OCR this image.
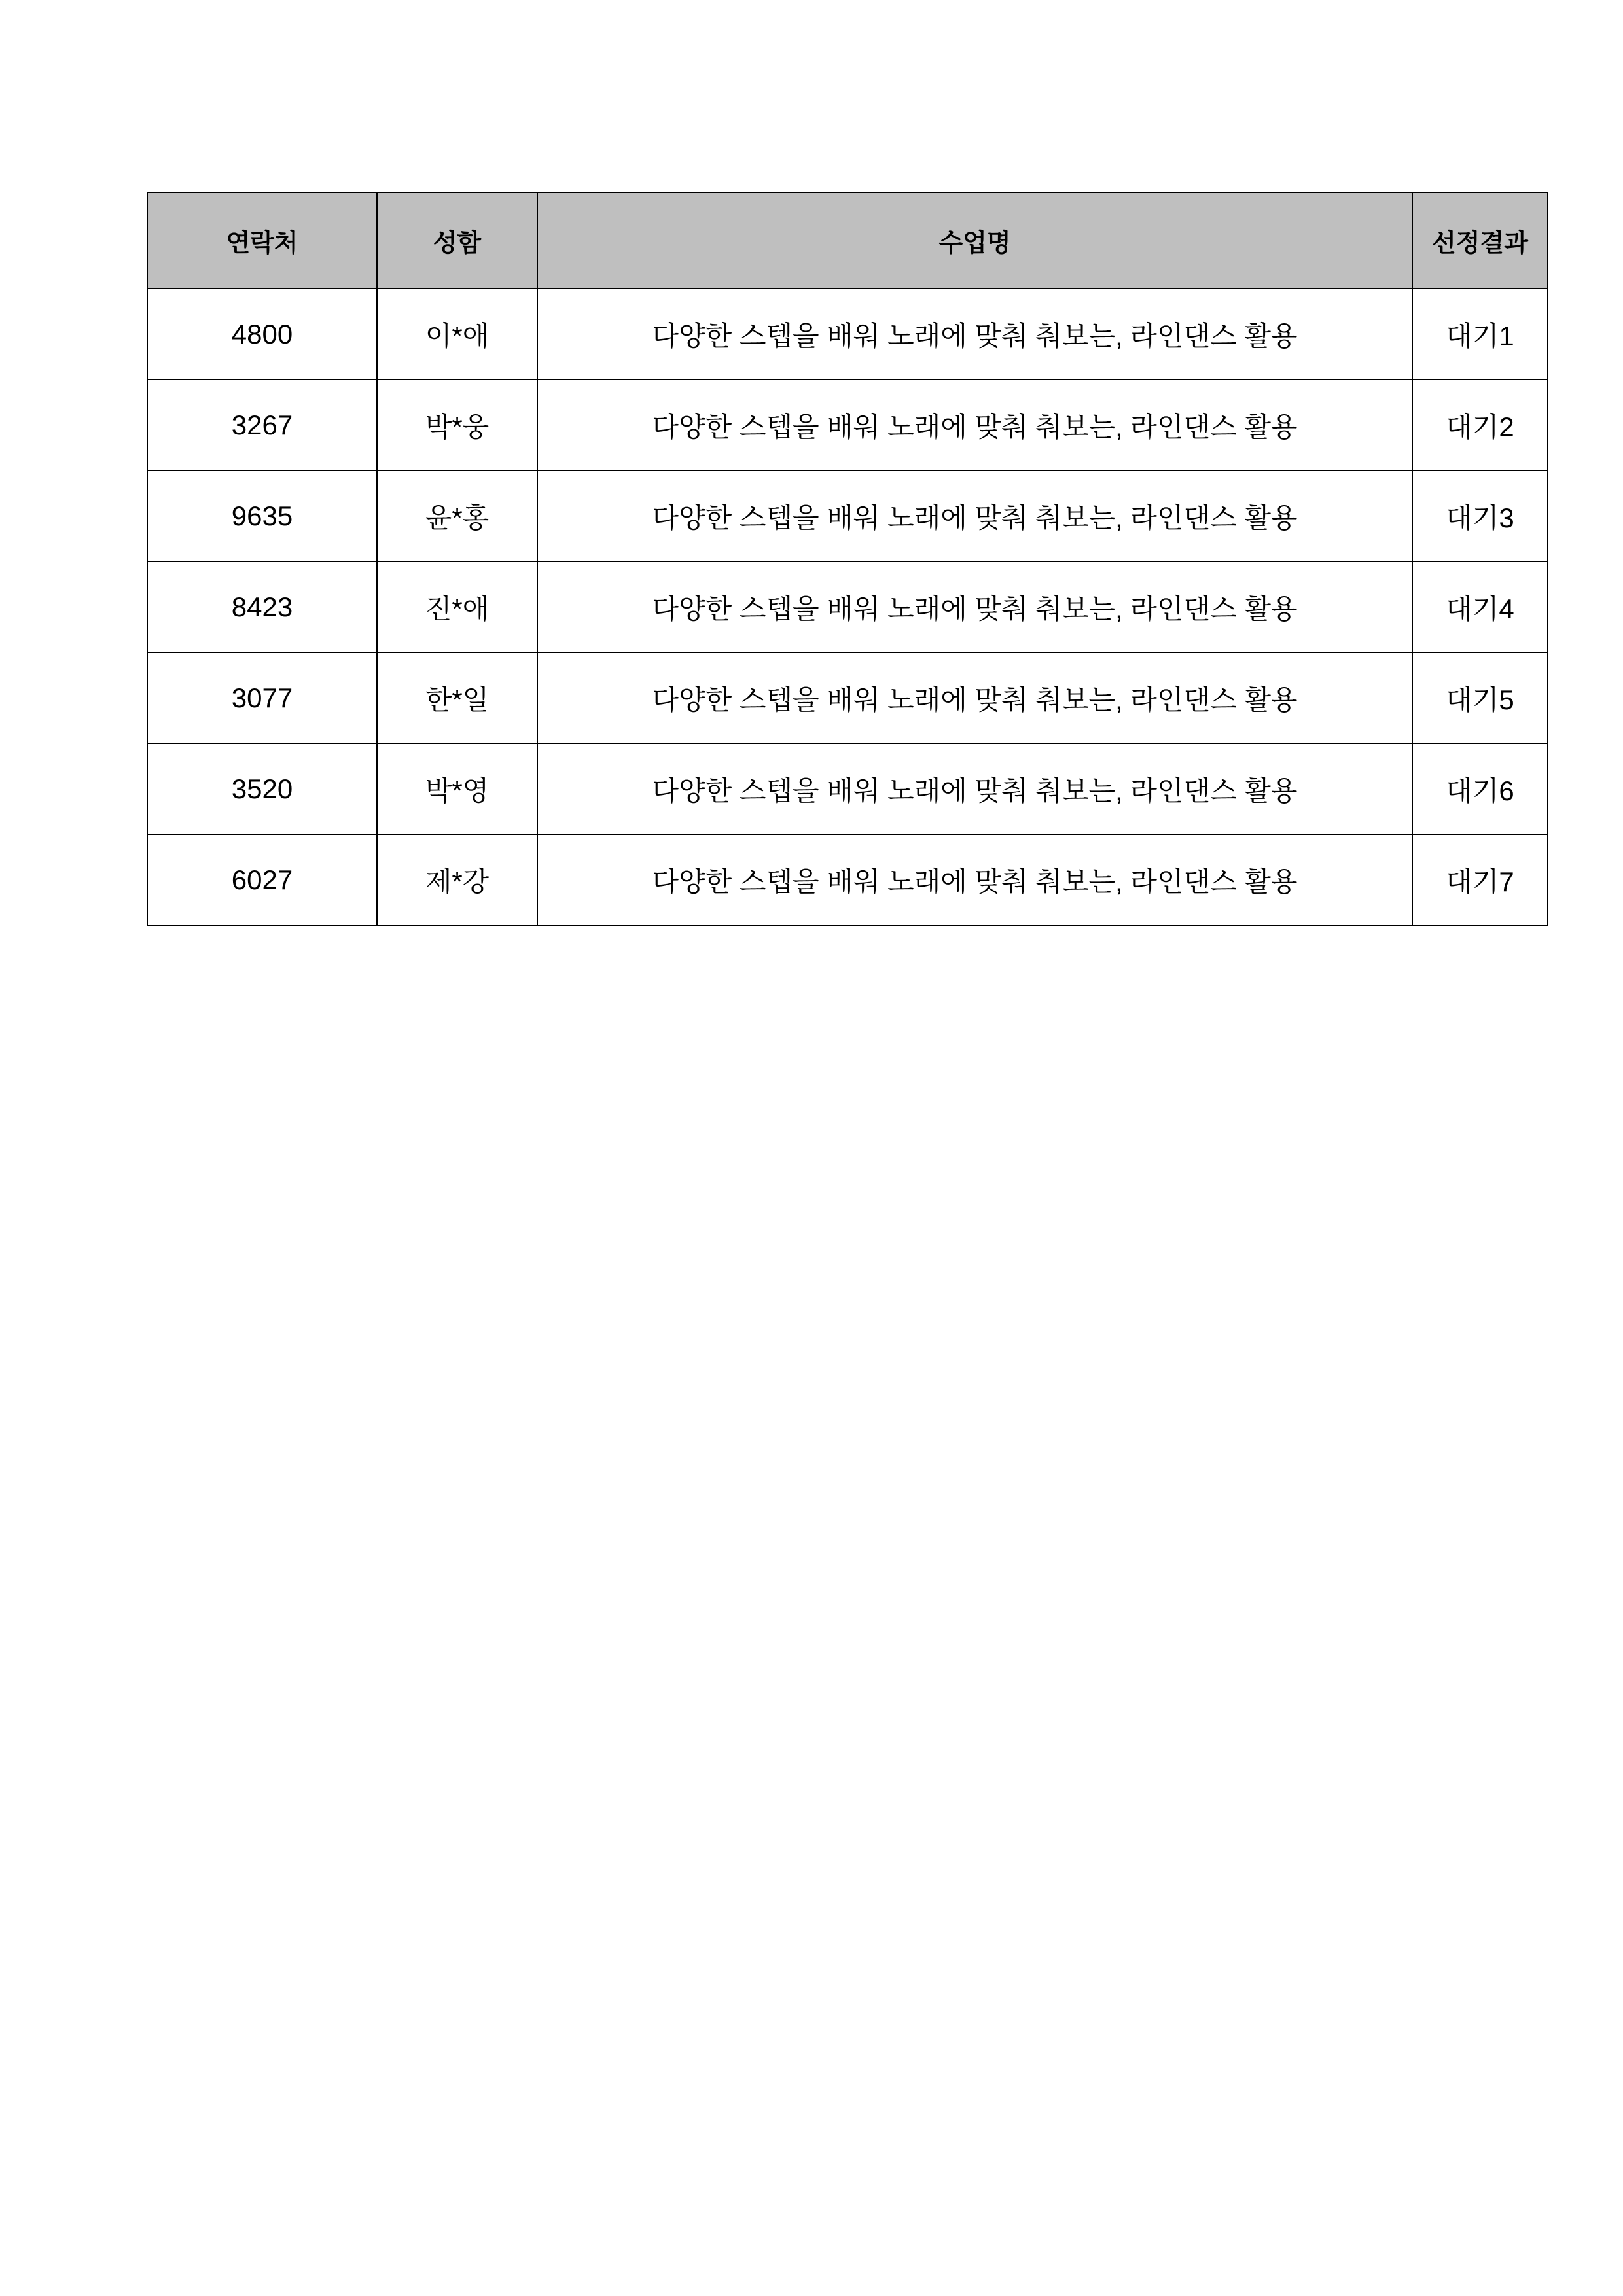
연락처	성함	수업명	선정결과
4800	이*애	다양한 스텝을 배워 노래에 맞춰 춰보는, 라인댄스 활용	대기1
3267	박*웅	다양한 스텝을 배워 노래에 맞춰 춰보는, 라인댄스 활용	대기2
9635	윤*홍	다양한 스텝을 배워 노래에 맞춰 춰보는, 라인댄스 활용	대기3
8423	진*애	다양한 스텝을 배워 노래에 맞춰 춰보는, 라인댄스 활용	대기4
3077	한*일	다양한 스텝을 배워 노래에 맞춰 춰보는, 라인댄스 활용	대기5
3520	박*영	다양한 스텝을 배워 노래에 맞춰 춰보는, 라인댄스 활용	대기6
6027	제*강	다양한 스텝을 배워 노래에 맞춰 춰보는, 라인댄스 활용	대기7
